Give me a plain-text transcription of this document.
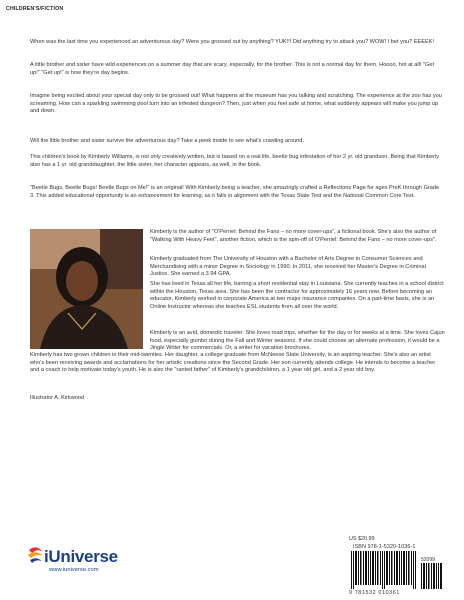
CHILDREN'S/FICTION

When was the last time you experienced an adventurous day? Were you grossed out by anything? YUK!!! Did anything try to attack you? WOW! I bet you? EEEEK!

A little brother and sister have wild experiences on a summer day that are scary, especially, for the brother. This is not a normal day for them. Hoooo, hot at all! "Get up!" "Get up!" is how they're day begins.

Imagine being excited about your special day only to be grossed out! What happens at the museum has you talking and scratching. The experience at the zoo has you screaming. How can a sparkling swimming pool turn into an infested dungeon? Then, just when you feel safe at home, what suddenly appears will make you jump up and down.

Will the little brother and sister survive the adventurous day? Take a peek inside to see what's crawling around.

This children's book by Kimberly Williams, is not only creatively written, but is based on a real life, beetle bug infestation of her 2 yr. old grandson. Being that Kimberly also has a 1 yr. old granddaughter, the little sister, her character appears, as well, in the book.

"Beetle Bugs, Beetle Bugs! Beetle Bugs on Me!" is an original! With Kimberly being a teacher, she amazingly crafted a Reflections Page for ages PreK through Grade 3. This added educational opportunity is an enhancement for learning, as it falls in alignment with the Texas State Test and the National Common Core Test.

Kimberly is the author of "O'Perriel: Behind the Fans – no more cover-ups", a fictional book. She's also the author of "Walking With Heavy Feet", another fiction, which is the spin-off of O'Perriel: Behind the Fans – no more cover-ups".

Kimberly graduated from The University of Houston with a Bachelor of Arts Degree in Consumer Sciences and Merchandising with a minor Degree in Sociology in 1990. In 2011, she received her Master's Degree in Criminal Justice. She earned a 3.94 GPA.

She has lived in Texas all her life, barring a short residential stay in Louisiana. She currently teaches in a school district within the Houston, Texas area. She has been the contractor for approximately 16 years now. Before becoming an educator, Kimberly worked in corporate America at two major insurance companies. On a part-time basis, she is an Online Instructor whereas she teaches ESL students from all over the world.

Kimberly is an avid, domestic traveler. She loves road trips, whether for the day or for weeks at a time. She loves Cajun food, especially gumbo during the Fall and Winter seasons. If she could choose an alternate profession, it would be a Jingle Writer for commercials. Or, a writer for vacation brochures.

Kimberly has two grown children in their mid-twenties. Her daughter, a college graduate from McNeese State University, is an aspiring teacher. She's also an artist who's been receiving awards and acclamations for her artistic creations since the Second Grade. Her son currently attends college. He intends to become a teacher and a coach to help motivate today's youth. He is also the "ranted father" of Kimberly's grandchildren, a 1 year old girl, and a 2 year old boy.

Illustrator A. Kirkwood
iUniverse
www.iuniverse.com
US $20.99
ISBN 978-1-5320-1036-1
52099
9 781532 010361
